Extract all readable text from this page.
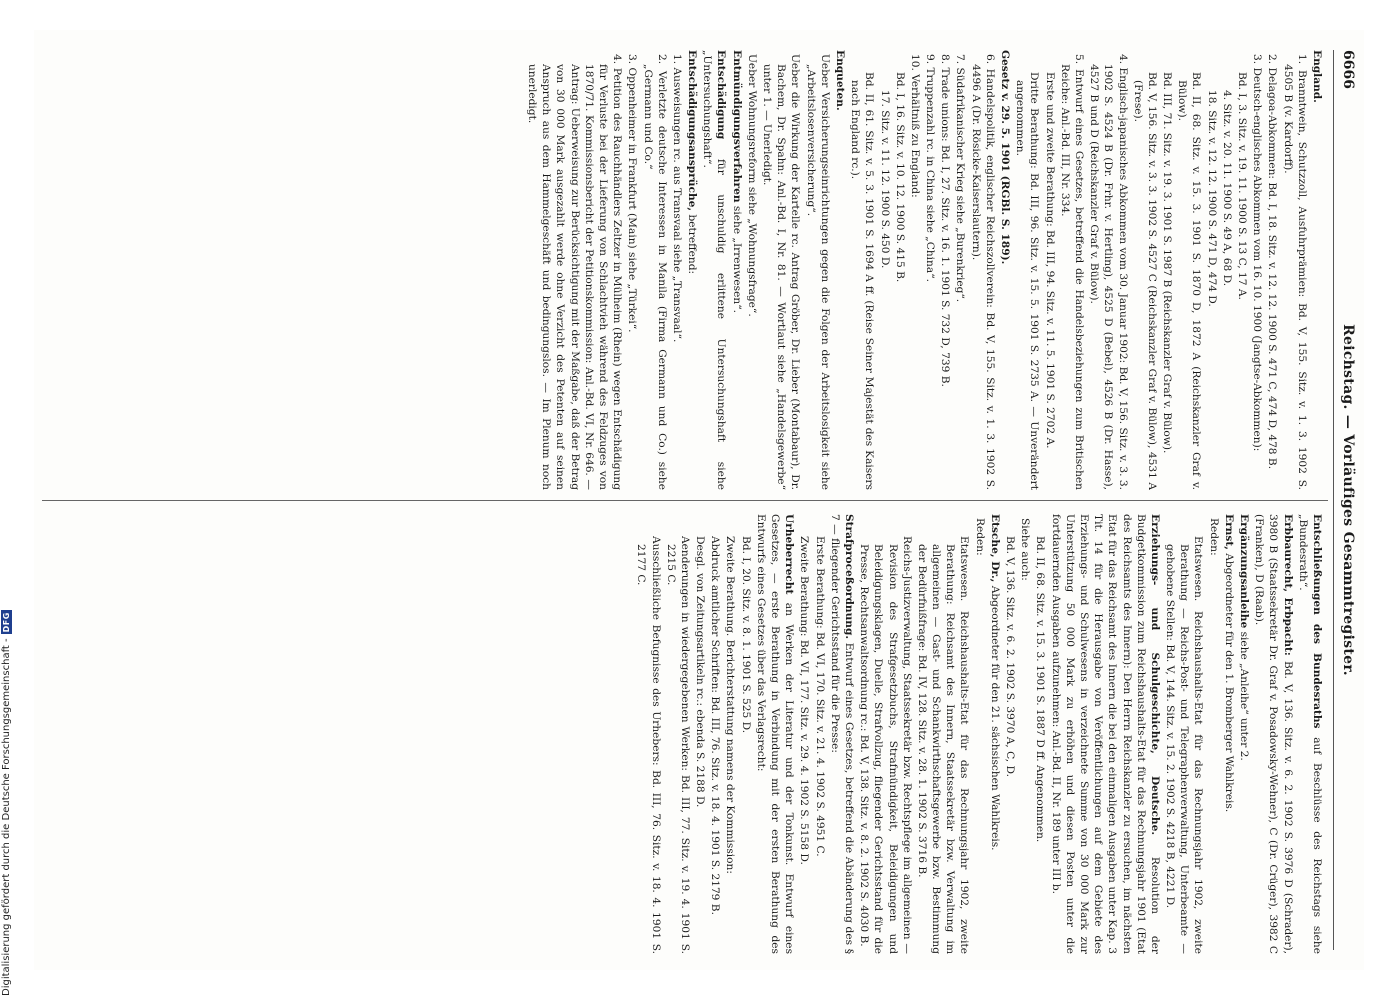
6666
Reichstag. — Vorläufiges Gesammtregister.

England.

1. Branntwein, Schutzzoll, Ausfuhrprämien: Bd. V, 155. Sitz. v. 1. 3. 1902 S. 4505 B (v. Kardorff).

2. Delagoa-Abkommen: Bd. I, 18. Sitz. v. 12. 12. 1900 S. 471 C, 474 D, 478 B.

3. Deutsch-englisches Abkommen vom 16. 10. 1900 (Jangtse-Abkommen):

Bd. I, 3. Sitz. v. 19. 11. 1900 S. 13 C, 17 A.

4. Sitz. v. 20. 11. 1900 S. 49 A, 68 D.

18. Sitz. v. 12. 12. 1900 S. 471 D, 474 D.

Bd. II, 68. Sitz. v. 15. 3. 1901 S. 1870 D, 1872 A (Reichskanzler Graf v. Bülow).

Bd. III, 71. Sitz. v. 19. 3. 1901 S. 1987 B (Reichskanzler Graf v. Bülow).

Bd. V, 156. Sitz. v. 3. 3. 1902 S. 4527 C (Reichskanzler Graf v. Bülow), 4531 A (Frese).

4. Englisch-japanisches Abkommen vom 30. Januar 1902: Bd. V, 156. Sitz. v. 3. 3. 1902 S. 4524 B (Dr. Frhr. v. Hertling), 4525 D (Bebel), 4526 B (Dr. Hasse), 4527 B und D (Reichskanzler Graf v. Bülow).

5. Entwurf eines Gesetzes, betreffend die Handelsbeziehungen zum Britischen Reiche: Anl.-Bd. III, Nr. 334.

Erste und zweite Berathung: Bd. III, 94. Sitz. v. 11. 5. 1901 S. 2702 A.

Dritte Berathung: Bd. III, 96. Sitz. v. 15. 5. 1901 S. 2735 A. — Unverändert angenommen.

Gesetz v. 29. 5. 1901 (RGBl. S. 189).

6. Handelspolitik, englischer Reichszollverein: Bd. V, 155. Sitz. v. 1. 3. 1902 S. 4496 A (Dr. Rösicke-Kaiserslautern).

7. Südafrikanischer Krieg siehe „Burenkrieg“.

8. Trade unions: Bd. I, 27. Sitz. v. 16. 1. 1901 S. 732 D, 739 B.

9. Truppenzahl rc. in China siehe „China“.

10. Verhältniß zu England:

Bd. I, 16. Sitz. v. 10. 12. 1900 S. 415 B.

17. Sitz. v. 11. 12. 1900 S. 450 D.

Bd. II, 61. Sitz. v. 5. 3. 1901 S. 1694 A ff. (Reise Seiner Majestät des Kaisers nach England rc.).

Enqueten.

Ueber Versicherungseinrichtungen gegen die Folgen der Arbeitslosigkeit siehe „Arbeitslosenversicherung“.

Ueber die Wirkung der Kartelle rc. Antrag Gröber, Dr. Lieber (Montabaur), Dr. Bachem, Dr. Spahn: Anl.-Bd. I, Nr. 81. — Wortlaut siehe „Handelsgewerbe“ unter 1. — Unerledigt.

Ueber Wohnungsreform siehe „Wohnungsfrage“.

Entmündigungsverfahren siehe „Irrenwesen“.

Entschädigung für unschuldig erlittene Untersuchungshaft siehe „Untersuchungshaft“.

Entschädigungsansprüche, betreffend:

1. Ausweisungen rc. aus Transvaal siehe „Transvaal“.

2. Verletzte deutsche Interessen in Manila (Firma Germann und Co.) siehe „Germann und Co.“

3. Oppenheimer in Frankfurt (Main) siehe „Türkei“.

4. Petition des Rauchhändlers Zeltzer in Mülheim (Rhein) wegen Entschädigung für Verluste bei der Lieferung von Schlachtvieh während des Feldzuges von 1870/71. Kommissionsbericht der Petitionskommission: Anl.-Bd. VI, Nr. 646. — Antrag: Ueberweisung zur Berücksichtigung mit der Maßgabe, daß der Betrag von 30 000 Mark ausgezahlt werde ohne Verzicht des Petenten auf seinen Anspruch aus dem Hammelgeschäft und bedingungslos. — Im Plenum noch unerledigt.

Entschließungen des Bundesraths auf Beschlüsse des Reichstags siehe „Bundesrath“.

Erbbaurecht, Erbpacht: Bd. V, 136. Sitz. v. 6. 2. 1902 S. 3976 D (Schrader), 3980 B (Staatssekretär Dr. Graf v. Posadowsky-Wehner), C (Dr. Crüger), 3982 C (Franken), D (Raab).

Ergänzungsanleihe siehe „Anleihe“ unter 2.

Ernst, Abgeordneter für den 1. Bromberger Wahlkreis.

Reden:

Etatswesen. Reichshaushalts-Etat für das Rechnungsjahr 1902, zweite Berathung — Reichs-Post- und Telegraphenverwaltung, Unterbeamte — gehobene Stellen: Bd. V, 144. Sitz. v. 15. 2. 1902 S. 4218 B, 4221 D.

Erziehungs- und Schulgeschichte, Deutsche. Resolution der Budgetkommission zum Reichshaushalts-Etat für das Rechnungsjahr 1901 (Etat des Reichsamts des Innern): Den Herrn Reichskanzler zu ersuchen, im nächsten Etat für das Reichsamt des Innern die bei den einmaligen Ausgaben unter Kap. 3 Tit. 14 für die Herausgabe von Veröffentlichungen auf dem Gebiete des Erziehungs- und Schulwesens in verzeichnete Summe von 30 000 Mark zur Unterstützung 50 000 Mark zu erhöhen und diesen Posten unter die fortdauernden Ausgaben aufzunehmen: Anl.-Bd. II, Nr. 189 unter III b.

Bd. II, 68. Sitz. v. 15. 3. 1901 S. 1887 D ff. Angenommen.

Siehe auch:

Bd. V, 136. Sitz. v. 6. 2. 1902 S. 3970 A, C, D.

Etsche, Dr., Abgeordneter für den 21. sächsischen Wahlkreis.

Reden:

Etatswesen. Reichshaushalts-Etat für das Rechnungsjahr 1902, zweite Berathung: Reichsamt des Innern, Staatssekretär bzw. Verwaltung im allgemeinen — Gast- und Schankwirthschaftsgewerbe bzw. Bestimmung der Bedürfnißfrage: Bd. IV, 128. Sitz. v. 28. 1. 1902 S. 3716 B.

Reichs-Justizverwaltung, Staatssekretär bzw. Rechtspflege im allgemeinen — Revision des Strafgesetzbuchs, Strafmündigkeit, Beleidigungen und Beleidigungsklagen, Duelle, Strafvollzug, fliegender Gerichtsstand für die Presse, Rechtsanwaltsordnung rc.: Bd. V, 138. Sitz. v. 8. 2. 1902 S. 4030 B.

Strafproceßordnung. Entwurf eines Gesetzes, betreffend die Abänderung des § 7 — fliegender Gerichtsstand für die Presse:

Erste Berathung: Bd. VI, 170. Sitz. v. 21. 4. 1902 S. 4951 C.

Zweite Berathung: Bd. VI, 177. Sitz. v. 29. 4. 1902 S. 5158 D.

Urheberrecht an Werken der Literatur und der Tonkunst. Entwurf eines Gesetzes, — erste Berathung in Verbindung mit der ersten Berathung des Entwurfs eines Gesetzes über das Verlagsrecht:

Bd. I, 20. Sitz. v. 8. 1. 1901 S. 525 D.

Zweite Berathung. Berichterstattung namens der Kommission:

Abdruck amtlicher Schriften: Bd. III, 76. Sitz. v. 18. 4. 1901 S. 2179 B.

Desgl. von Zeitungsartikeln rc.: ebenda S. 2188 D.

Aenderungen in wiedergegebenen Werken: Bd. III, 77. Sitz. v. 19. 4. 1901 S. 2215 C.

Ausschließliche Befugnisse des Urhebers: Bd. III, 76. Sitz. v. 18. 4. 1901 S. 2177 C.

Digitalisierung gefördert durch die Deutsche Forschungsgemeinschaft -
DFG
